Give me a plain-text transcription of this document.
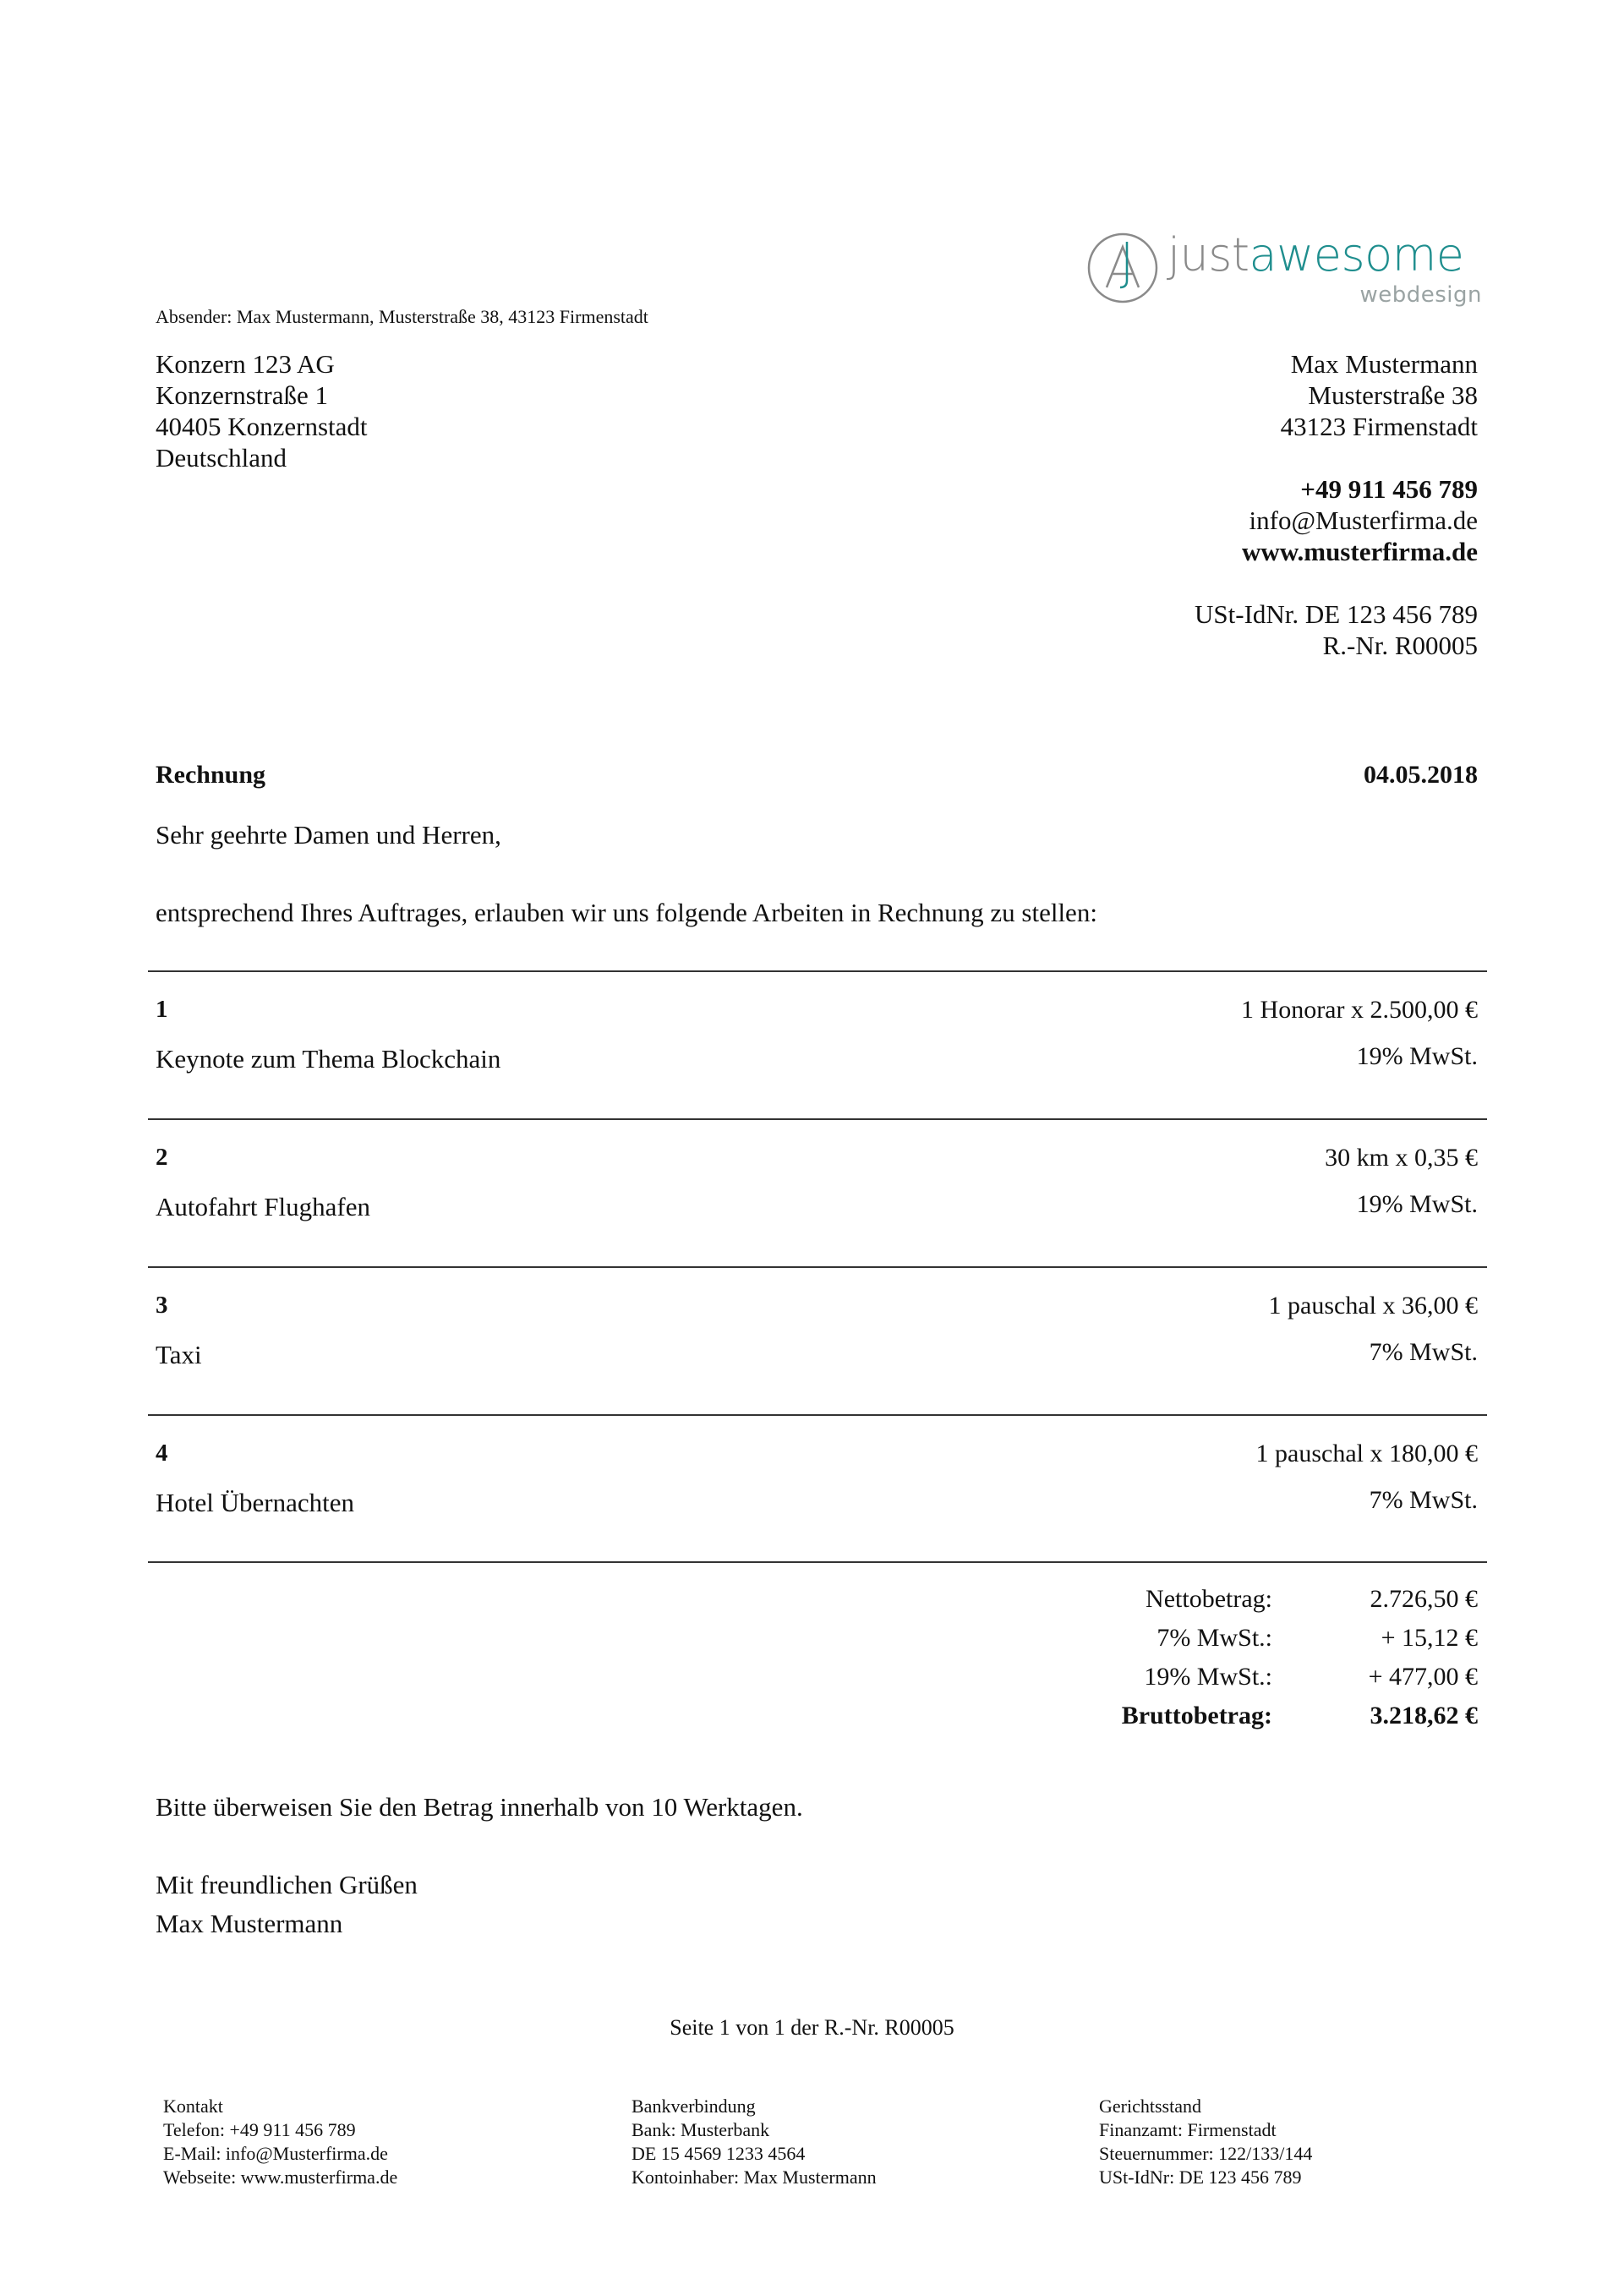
justawesome
webdesign
Absender: Max Mustermann, Musterstraße 38, 43123 Firmenstadt
Konzern 123 AG
Konzernstraße 1
40405 Konzernstadt
Deutschland
Max Mustermann
Musterstraße 38
43123 Firmenstadt
+49 911 456 789
info@Musterfirma.de
www.musterfirma.de
USt-IdNr. DE 123 456 789
R.-Nr. R00005
Rechnung	04.05.2018
Sehr geehrte Damen und Herren,
entsprechend Ihres Auftrages, erlauben wir uns folgende Arbeiten in Rechnung zu stellen:
1	1 Honorar x 2.500,00 €
Keynote zum Thema Blockchain	19% MwSt.
2	30 km x 0,35 €
Autofahrt Flughafen	19% MwSt.
3	1 pauschal x 36,00 €
Taxi	7% MwSt.
4	1 pauschal x 180,00 €
Hotel Übernachten	7% MwSt.
Nettobetrag:	2.726,50 €
7% MwSt.:	+ 15,12 €
19% MwSt.:	+ 477,00 €
Bruttobetrag:	3.218,62 €
Bitte überweisen Sie den Betrag innerhalb von 10 Werktagen.
Mit freundlichen Grüßen
Max Mustermann
Seite 1 von 1 der R.-Nr. R00005
Kontakt
Telefon: +49 911 456 789
E-Mail: info@Musterfirma.de
Webseite: www.musterfirma.de
Bankverbindung
Bank: Musterbank
DE 15 4569 1233 4564
Kontoinhaber: Max Mustermann
Gerichtsstand
Finanzamt: Firmenstadt
Steuernummer: 122/133/144
USt-IdNr: DE 123 456 789
